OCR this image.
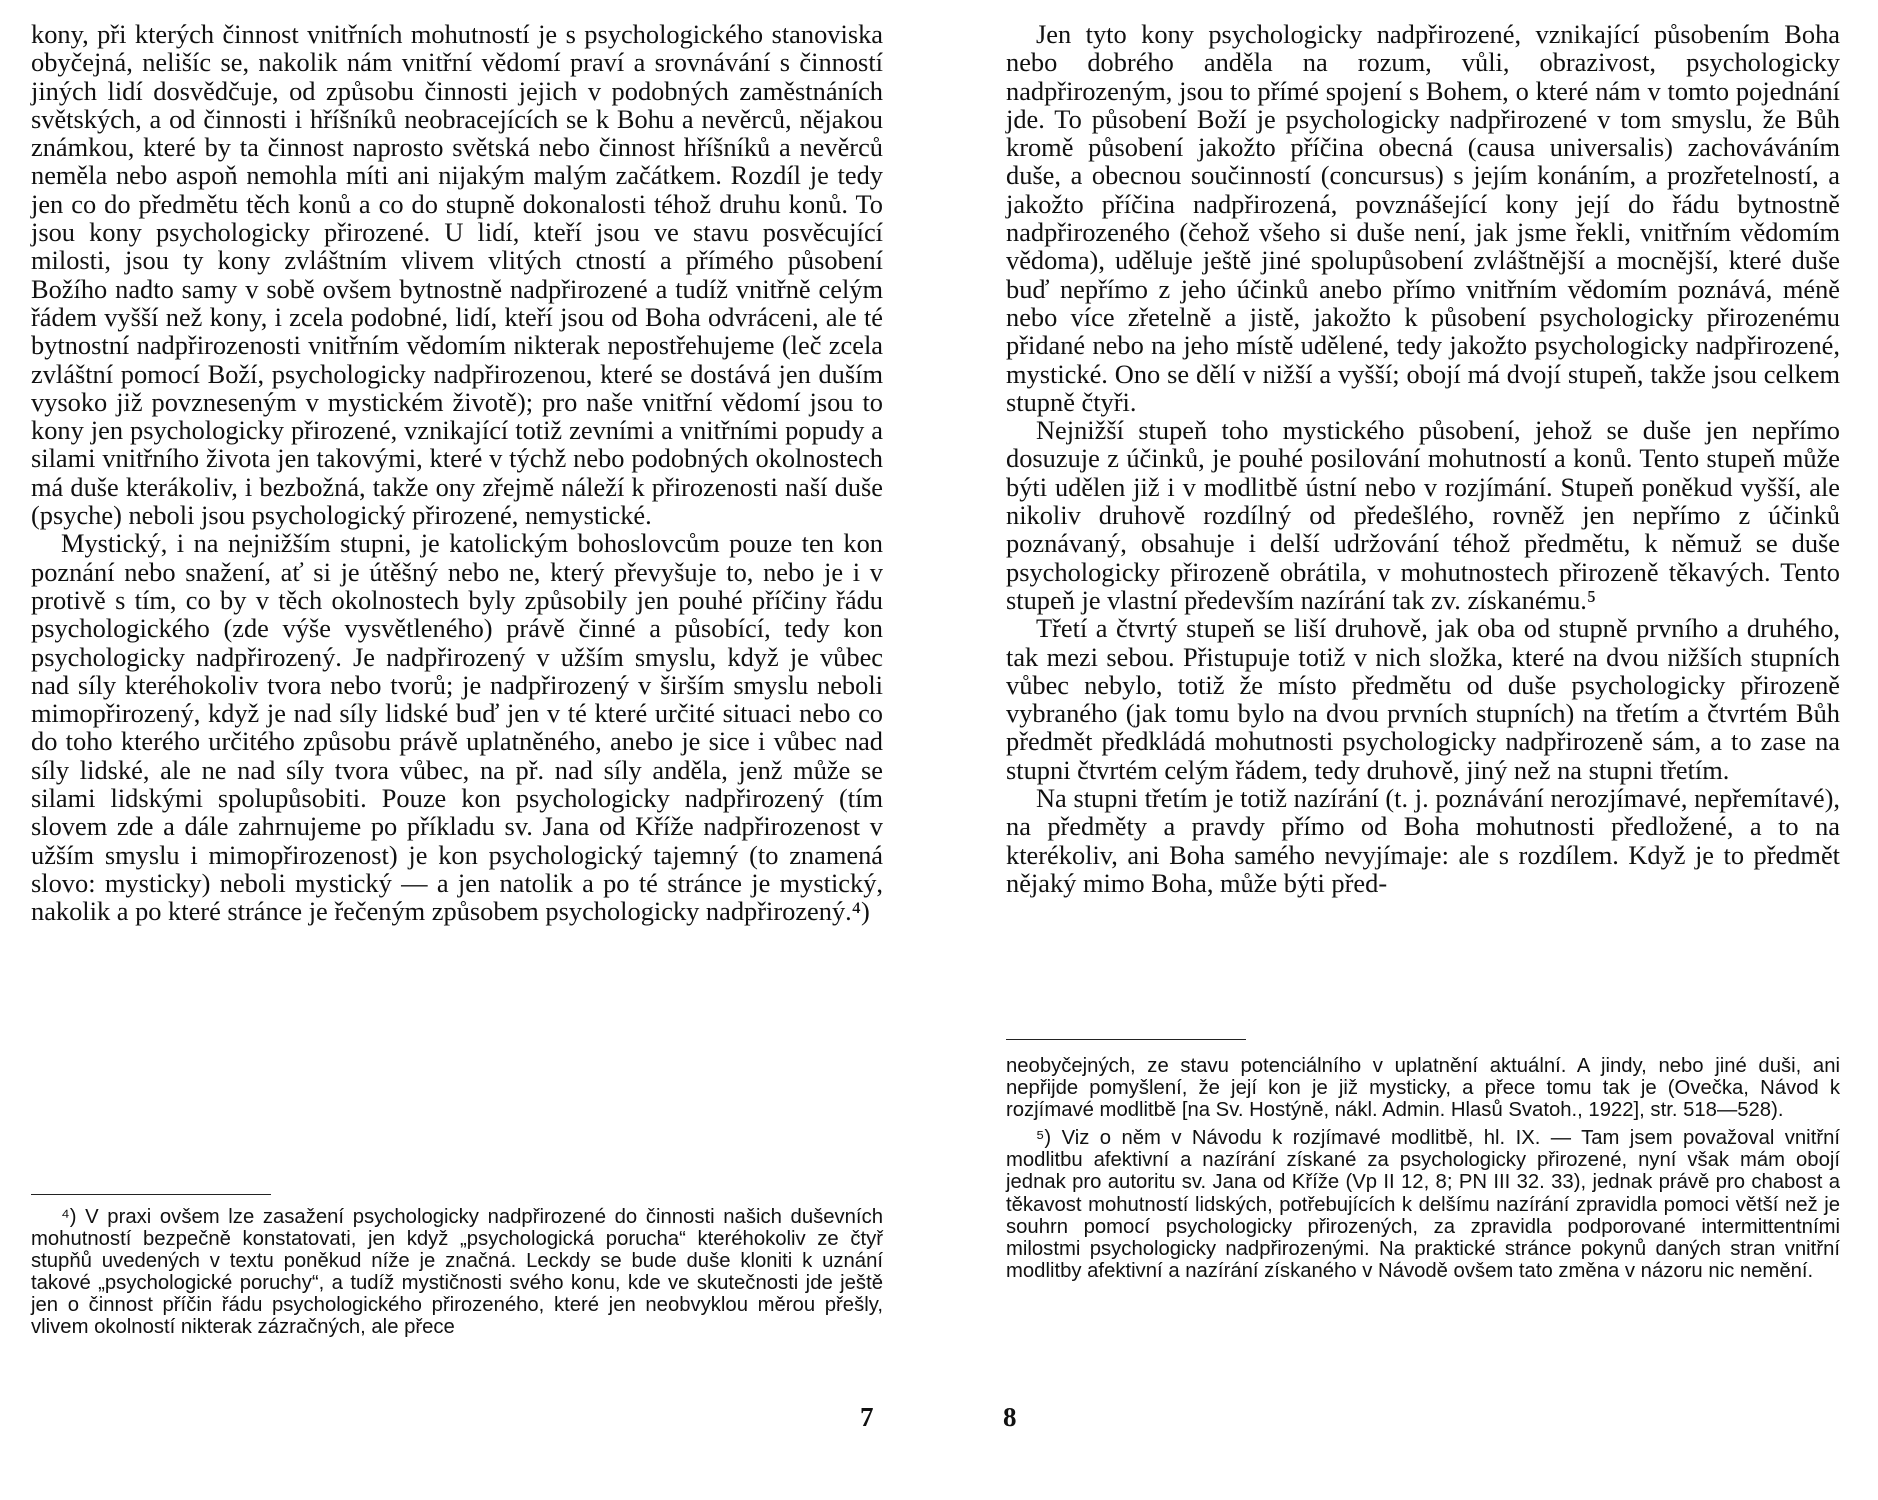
kony, při kterých činnost vnitřních mohutností je s psychologického stanoviska obyčejná, nelišíc se, nakolik nám vnitřní vědomí praví a srovnávání s činností jiných lidí dosvědčuje, od způsobu činnosti jejich v podobných zaměstnáních světských, a od činnosti i hříšníků neobracejících se k Bohu a nevěrců, nějakou známkou, které by ta činnost naprosto světská nebo činnost hříšníků a nevěrců neměla nebo aspoň nemohla míti ani nijakým malým začátkem. Rozdíl je tedy jen co do předmětu těch konů a co do stupně dokonalosti téhož druhu konů. To jsou kony psychologicky přirozené. U lidí, kteří jsou ve stavu posvěcující milosti, jsou ty kony zvláštním vlivem vlitých ctností a přímého působení Božího nadto samy v sobě ovšem bytnostně nadpřirozené a tudíž vnitřně celým řádem vyšší než kony, i zcela podobné, lidí, kteří jsou od Boha odvráceni, ale té bytnostní nadpřirozenosti vnitřním vědomím nikterak nepostřehujeme (leč zcela zvláštní pomocí Boží, psychologicky nadpřirozenou, které se dostává jen duším vysoko již povzneseným v mystickém životě); pro naše vnitřní vědomí jsou to kony jen psychologicky přirozené, vznikající totiž zevními a vnitřními popudy a silami vnitřního života jen takovými, které v týchž nebo podobných okolnostech má duše kterákoliv, i bezbožná, takže ony zřejmě náleží k přirozenosti naší duše (psyche) neboli jsou psychologický přirozené, nemystické.

Mystický, i na nejnižším stupni, je katolickým bohoslovcům pouze ten kon poznání nebo snažení, ať si je útěšný nebo ne, který převyšuje to, nebo je i v protivě s tím, co by v těch okolnostech byly způsobily jen pouhé příčiny řádu psychologického (zde výše vysvětleného) právě činné a působící, tedy kon psychologicky nadpřirozený. Je nadpřirozený v užším smyslu, když je vůbec nad síly kteréhokoliv tvora nebo tvorů; je nadpřirozený v širším smyslu neboli mimopřirozený, když je nad síly lidské buď jen v té které určité situaci nebo co do toho kterého určitého způsobu právě uplatněného, anebo je sice i vůbec nad síly lidské, ale ne nad síly tvora vůbec, na př. nad síly anděla, jenž může se silami lidskými spolupůsobiti. Pouze kon psychologicky nadpřirozený (tím slovem zde a dále zahrnujeme po příkladu sv. Jana od Kříže nadpřirozenost v užším smyslu i mimopřirozenost) je kon psychologický tajemný (to znamená slovo: mysticky) neboli mystický — a jen natolik a po té stránce je mystický, nakolik a po které stránce je řečeným způsobem psychologicky nadpřirozený.⁴)

⁴) V praxi ovšem lze zasažení psychologicky nadpřirozené do činnosti našich duševních mohutností bezpečně konstatovati, jen když „psychologická porucha“ kteréhokoliv ze čtyř stupňů uvedených v textu poněkud níže je značná. Leckdy se bude duše kloniti k uznání takové „psychologické poruchy“, a tudíž mystičnosti svého konu, kde ve skutečnosti jde ještě jen o činnost příčin řádu psychologického přirozeného, které jen neobvyklou měrou přešly, vlivem okolností nikterak zázračných, ale přece

7

Jen tyto kony psychologicky nadpřirozené, vznikající působením Boha nebo dobrého anděla na rozum, vůli, obrazivost, psychologicky nadpřirozeným, jsou to přímé spojení s Bohem, o které nám v tomto pojednání jde. To působení Boží je psychologicky nadpřirozené v tom smyslu, že Bůh kromě působení jakožto příčina obecná (causa universalis) zachováváním duše, a obecnou součinností (concursus) s jejím konáním, a prozřetelností, a jakožto příčina nadpřirozená, povznášející kony její do řádu bytnostně nadpřirozeného (čehož všeho si duše není, jak jsme řekli, vnitřním vědomím vědoma), uděluje ještě jiné spolupůsobení zvláštnější a mocnější, které duše buď nepřímo z jeho účinků anebo přímo vnitřním vědomím poznává, méně nebo více zřetelně a jistě, jakožto k působení psychologicky přirozenému přidané nebo na jeho místě udělené, tedy jakožto psychologicky nadpřirozené, mystické. Ono se dělí v nižší a vyšší; obojí má dvojí stupeň, takže jsou celkem stupně čtyři.

Nejnižší stupeň toho mystického působení, jehož se duše jen nepřímo dosuzuje z účinků, je pouhé posilování mohutností a konů. Tento stupeň může býti udělen již i v modlitbě ústní nebo v rozjímání. Stupeň poněkud vyšší, ale nikoliv druhově rozdílný od předešlého, rovněž jen nepřímo z účinků poznávaný, obsahuje i delší udržování téhož předmětu, k němuž se duše psychologicky přirozeně obrátila, v mohutnostech přirozeně těkavých. Tento stupeň je vlastní především nazírání tak zv. získanému.⁵

Třetí a čtvrtý stupeň se liší druhově, jak oba od stupně prvního a druhého, tak mezi sebou. Přistupuje totiž v nich složka, které na dvou nižších stupních vůbec nebylo, totiž že místo předmětu od duše psychologicky přirozeně vybraného (jak tomu bylo na dvou prvních stupních) na třetím a čtvrtém Bůh předmět předkládá mohutnosti psychologicky nadpřirozeně sám, a to zase na stupni čtvrtém celým řádem, tedy druhově, jiný než na stupni třetím.

Na stupni třetím je totiž nazírání (t. j. poznávání nerozjímavé, nepřemítavé), na předměty a pravdy přímo od Boha mohutnosti předložené, a to na kterékoliv, ani Boha samého nevyjímaje: ale s rozdílem. Když je to předmět nějaký mimo Boha, může býti před-

neobyčejných, ze stavu potenciálního v uplatnění aktuální. A jindy, nebo jiné duši, ani nepřijde pomyšlení, že její kon je již mysticky, a přece tomu tak je (Ovečka, Návod k rozjímavé modlitbě [na Sv. Hostýně, nákl. Admin. Hlasů Svatoh., 1922], str. 518—528).

⁵) Viz o něm v Návodu k rozjímavé modlitbě, hl. IX. — Tam jsem považoval vnitřní modlitbu afektivní a nazírání získané za psychologicky přirozené, nyní však mám obojí jednak pro autoritu sv. Jana od Kříže (Vp II 12, 8; PN III 32. 33), jednak právě pro chabost a těkavost mohutností lidských, potřebujících k delšímu nazírání zpravidla pomoci větší než je souhrn pomocí psychologicky přirozených, za zpravidla podporované intermittentními milostmi psychologicky nadpřirozenými. Na praktické stránce pokynů daných stran vnitřní modlitby afektivní a nazírání získaného v Návodě ovšem tato změna v názoru nic nemění.

8
